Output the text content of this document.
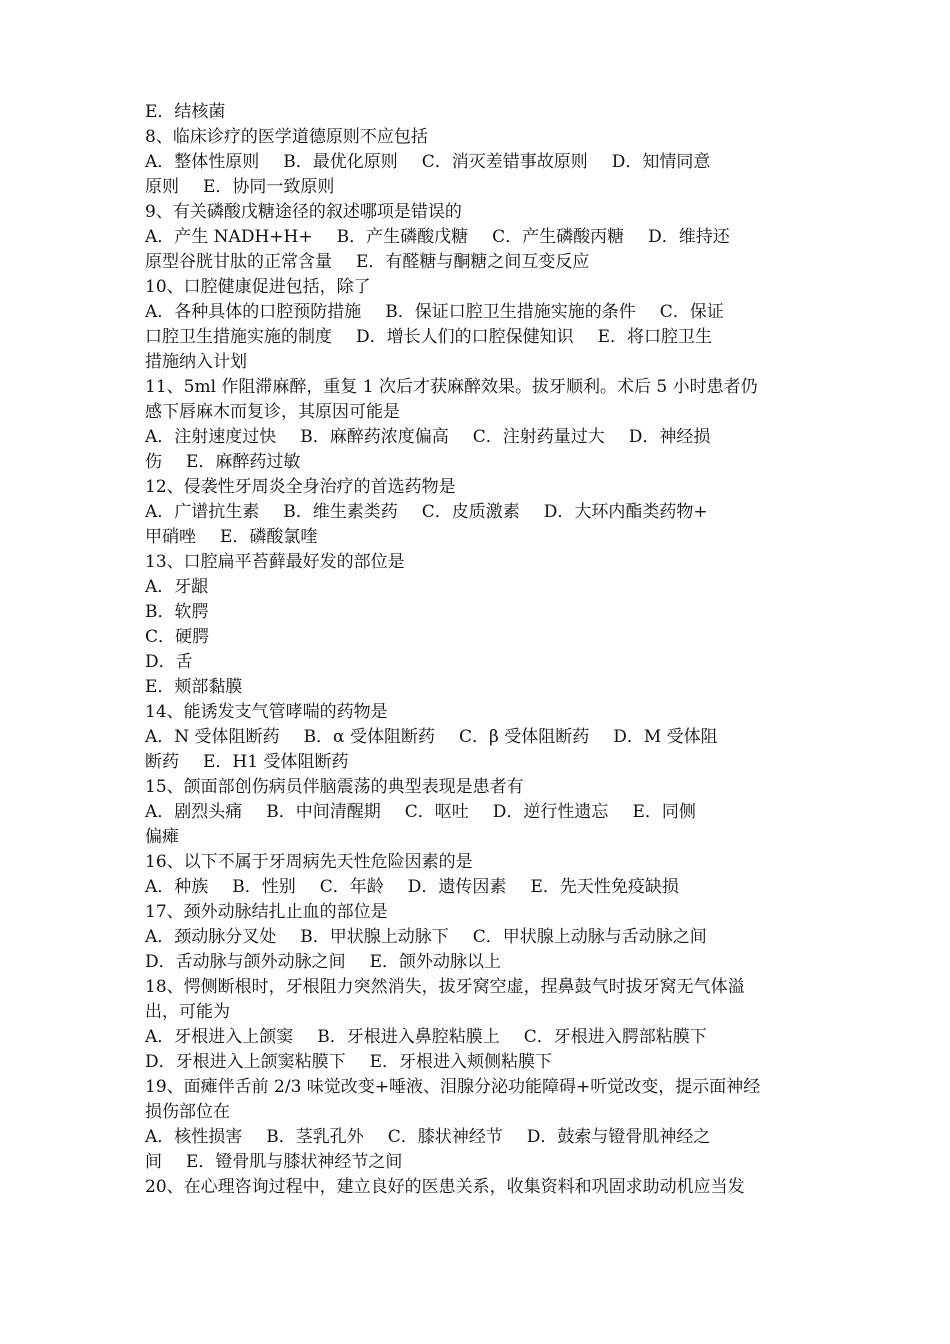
E．结核菌
8、临床诊疗的医学道德原则不应包括
A．整体性原则 B．最优化原则 C．消灭差错事故原则 D．知情同意
原则 E．协同一致原则
9、有关磷酸戊糖途径的叙述哪项是错误的
A．产生 NADH+H+ B．产生磷酸戊糖 C．产生磷酸丙糖 D．维持还
原型谷胱甘肽的正常含量 E．有醛糖与酮糖之间互变反应
10、口腔健康促进包括，除了
A．各种具体的口腔预防措施 B．保证口腔卫生措施实施的条件 C．保证
口腔卫生措施实施的制度 D．增长人们的口腔保健知识 E．将口腔卫生
措施纳入计划
11、5ml 作阻滞麻醉，重复 1 次后才获麻醉效果。拔牙顺利。术后 5 小时患者仍
感下唇麻木而复诊，其原因可能是
A．注射速度过快 B．麻醉药浓度偏高 C．注射药量过大 D．神经损
伤 E．麻醉药过敏
12、侵袭性牙周炎全身治疗的首选药物是
A．广谱抗生素 B．维生素类药 C．皮质激素 D．大环内酯类药物+
甲硝唑 E．磷酸氯喹
13、口腔扁平苔藓最好发的部位是
A．牙龈
B．软腭
C．硬腭
D．舌
E．颊部黏膜
14、能诱发支气管哮喘的药物是
A．N 受体阻断药 B．α 受体阻断药 C．β 受体阻断药 D．M 受体阻
断药 E．H1 受体阻断药
15、颌面部创伤病员伴脑震荡的典型表现是患者有
A．剧烈头痛 B．中间清醒期 C．呕吐 D．逆行性遗忘 E．同侧
偏瘫
16、以下不属于牙周病先天性危险因素的是
A．种族 B．性别 C．年龄 D．遗传因素 E．先天性免疫缺损
17、颈外动脉结扎止血的部位是
A．颈动脉分叉处 B．甲状腺上动脉下 C．甲状腺上动脉与舌动脉之间
D．舌动脉与颌外动脉之间 E．颌外动脉以上
18、愕侧断根时，牙根阻力突然消失，拔牙窝空虚，捏鼻鼓气时拔牙窝无气体溢
出，可能为
A．牙根进入上颌窦 B．牙根进入鼻腔粘膜上 C．牙根进入腭部粘膜下
D．牙根进入上颌窦粘膜下 E．牙根进入颊侧粘膜下
19、面瘫伴舌前 2/3 味觉改变+唾液、泪腺分泌功能障碍+听觉改变，提示面神经
损伤部位在
A．核性损害 B．茎乳孔外 C．膝状神经节 D．鼓索与镫骨肌神经之
间 E．镫骨肌与膝状神经节之间
20、在心理咨询过程中，建立良好的医患关系，收集资料和巩固求助动机应当发
